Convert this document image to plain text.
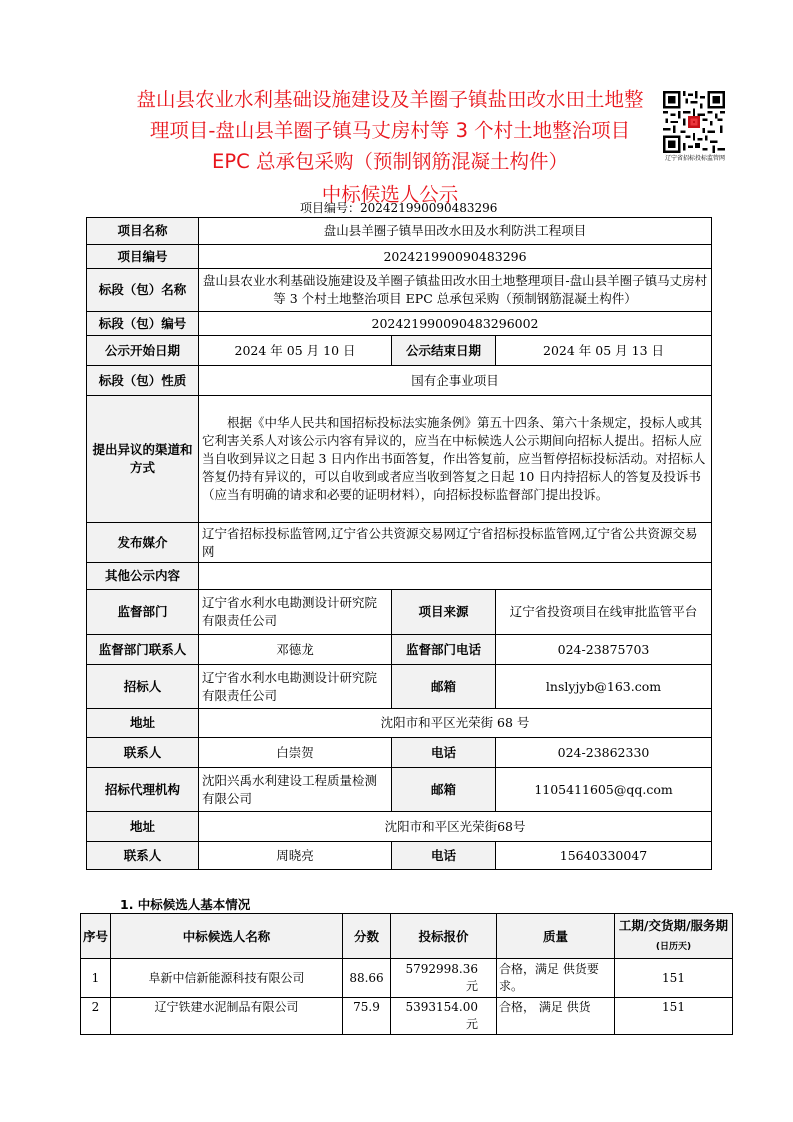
盘山县农业水利基础设施建设及羊圈子镇盐田改水田土地整
理项目-盘山县羊圈子镇马丈房村等 3 个村土地整治项目
EPC 总承包采购（预制钢筋混凝土构件）
中标候选人公示
辽宁省招标投标监管网
项目编号：202421990090483296
项目名称	盘山县羊圈子镇旱田改水田及水利防洪工程项目		
项目编号	202421990090483296		
标段（包）名称	盘山县农业水利基础设施建设及羊圈子镇盐田改水田土地整理项目-盘山县羊圈子镇马丈房村等 3 个村土地整治项目 EPC 总承包采购（预制钢筋混凝土构件）		
标段（包）编号	202421990090483296002		
公示开始日期	2024 年 05 月 10 日	公示结束日期	2024 年 05 月 13 日
标段（包）性质	国有企事业项目		
提出异议的渠道和方式	根据《中华人民共和国招标投标法实施条例》第五十四条、第六十条规定，投标人或其它利害关系人对该公示内容有异议的，应当在中标候选人公示期间向招标人提出。招标人应当自收到异议之日起 3 日内作出书面答复，作出答复前，应当暂停招标投标活动。对招标人答复仍持有异议的，可以自收到或者应当收到答复之日起 10 日内持招标人的答复及投诉书（应当有明确的请求和必要的证明材料），向招标投标监督部门提出投诉。		
发布媒介	辽宁省招标投标监管网,辽宁省公共资源交易网辽宁省招标投标监管网,辽宁省公共资源交易网		
其他公示内容			
监督部门	辽宁省水利水电勘测设计研究院有限责任公司	项目来源	辽宁省投资项目在线审批监管平台
监督部门联系人	邓德龙	监督部门电话	024-23875703
招标人	辽宁省水利水电勘测设计研究院有限责任公司	邮箱	lnslyjyb@163.com
地址	沈阳市和平区光荣街 68 号		
联系人	白崇贺	电话	024-23862330
招标代理机构	沈阳兴禹水利建设工程质量检测有限公司	邮箱	1105411605@qq.com
地址	沈阳市和平区光荣街68号		
联系人	周晓亮	电话	15640330047
1. 中标候选人基本情况
序号	中标候选人名称	分数	投标报价	质量	工期/交货期/服务期
(日历天)
1	阜新中信新能源科技有限公司	88.66	5792998.36 元	合格，满足 供货要求。	151
2	辽宁铁建水泥制品有限公司	75.9	5393154.00 元	合格， 满足 供货	151
